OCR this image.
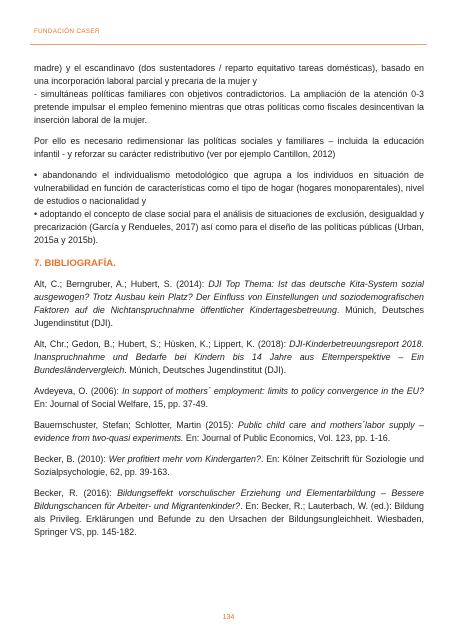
FUNDACIÓN CASER

madre) y el escandinavo (dos sustentadores / reparto equitativo tareas domésticas), basado en una incorporación laboral parcial y precaria de la mujer y
- simultáneas políticas familiares con objetivos contradictorios. La ampliación de la atención 0-3 pretende impulsar el empleo femenino mientras que otras políticas como fiscales desincentivan la inserción laboral de la mujer.

Por ello es necesario redimensionar las políticas sociales y familiares – incluida la educación infantil - y reforzar su carácter redistributivo (ver por ejemplo Cantillon, 2012)

• abandonando el individualismo metodológico que agrupa a los individuos en situación de vulnerabilidad en función de características como el tipo de hogar (hogares monoparentales), nivel de estudios o nacionalidad y
• adoptando el concepto de clase social para el análisis de situaciones de exclusión, desigualdad y precarización (García y Rendueles, 2017) así como para el diseño de las políticas públicas (Urban, 2015a y 2015b).

7. BIBLIOGRAFÍA.

Alt, C.; Berngruber, A.; Hubert, S. (2014): DJI Top Thema: Ist das deutsche Kita-System sozial ausgewogen? Trotz Ausbau kein Platz? Der Einfluss von Einstellungen und soziodemografischen Faktoren auf die Nichtanspruchnahme öffentlicher Kindertagesbetreuung. Múnich, Deutsches Jugendinstitut (DJI).

Alt, Chr.; Gedon, B.; Hubert, S.; Hüsken, K.; Lippert, K. (2018): DJI-Kinderbetreuungsreport 2018. Inanspruchnahme und Bedarfe bei Kindern bis 14 Jahre aus Elternperspektive – Ein Bundesländervergleich. Múnich, Deutsches Jugendinstitut (DJI).

Avdeyeva, O. (2006): In support of mothers´ employment: limits to policy convergence in the EU? En: Journal of Social Welfare, 15, pp. 37-49.

Bauernschuster, Stefan; Schlotter, Martin (2015): Public child care and mothers´labor supply – evidence from two-quasi experiments. En: Journal of Public Economics, Vol. 123, pp. 1-16.

Becker, B. (2010): Wer profitiert mehr vom Kindergarten?. En: Kölner Zeitschrift für Soziologie und Sozialpsychologie, 62, pp. 39-163.

Becker, R. (2016): Bildungseffekt vorschulischer Erziehung und Elementarbildung – Bessere Bildungschancen für Arbeiter- und Migrantenkinder?. En: Becker, R.; Lauterbach, W. (ed.): Bildung als Privileg. Erklärungen und Befunde zu den Ursachen der Bildungsungleichheit. Wiesbaden, Springer VS, pp. 145-182.

134
